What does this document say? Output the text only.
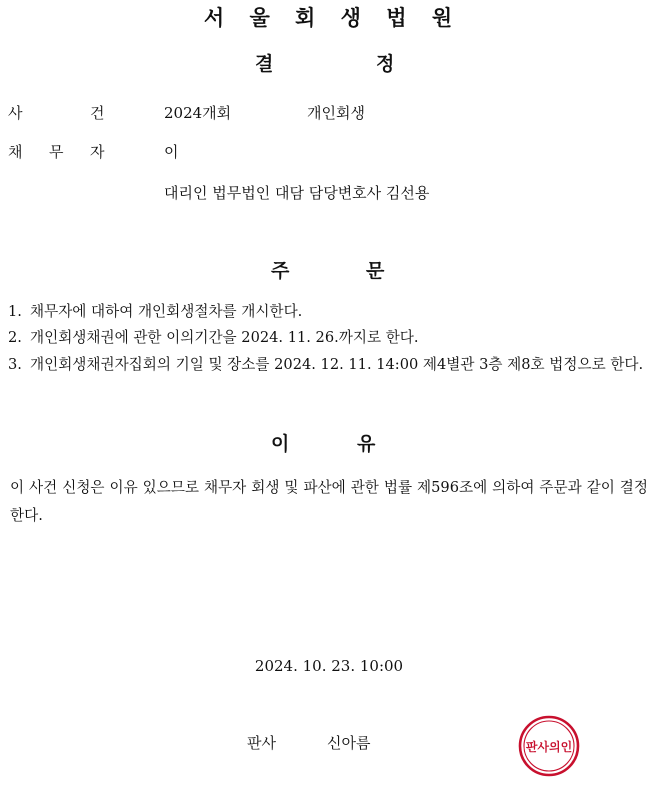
서 울 회 생 법 원
결	정
사	건	2024개회	개인회생
채 무 자	이
대리인 법무법인 대담 담당변호사 김선용
주	문
1. 채무자에 대하여 개인회생절차를 개시한다.
2. 개인회생채권에 관한 이의기간을 2024. 11. 26.까지로 한다.
3. 개인회생채권자집회의 기일 및 장소를 2024. 12. 11. 14:00 제4별관 3층 제8호 법정으로 한다.
이	유
이 사건 신청은 이유 있으므로 채무자 회생 및 파산에 관한 법률 제596조에 의하여 주문과 같이 결정한다.
2024. 10. 23. 10:00
판사	신아름	판사의인
